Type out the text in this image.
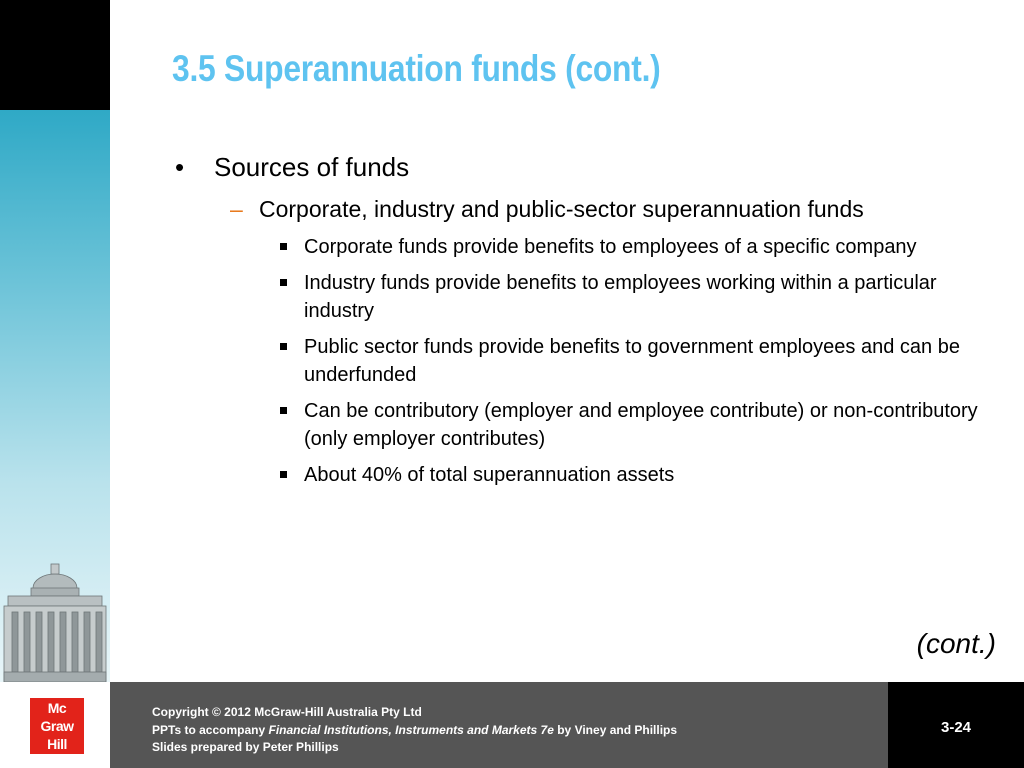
3.5 Superannuation funds (cont.)
• Sources of funds
– Corporate, industry and public-sector superannuation funds
Corporate funds provide benefits to employees of a specific company
Industry funds provide benefits to employees working within a particular industry
Public sector funds provide benefits to government employees and can be underfunded
Can be contributory (employer and employee contribute) or non-contributory (only employer contributes)
About 40% of total superannuation assets
(cont.)
Mc
Graw
Hill
Copyright © 2012 McGraw-Hill Australia Pty Ltd
PPTs to accompany Financial Institutions, Instruments and Markets 7e by Viney and Phillips
Slides prepared by Peter Phillips
3-24
